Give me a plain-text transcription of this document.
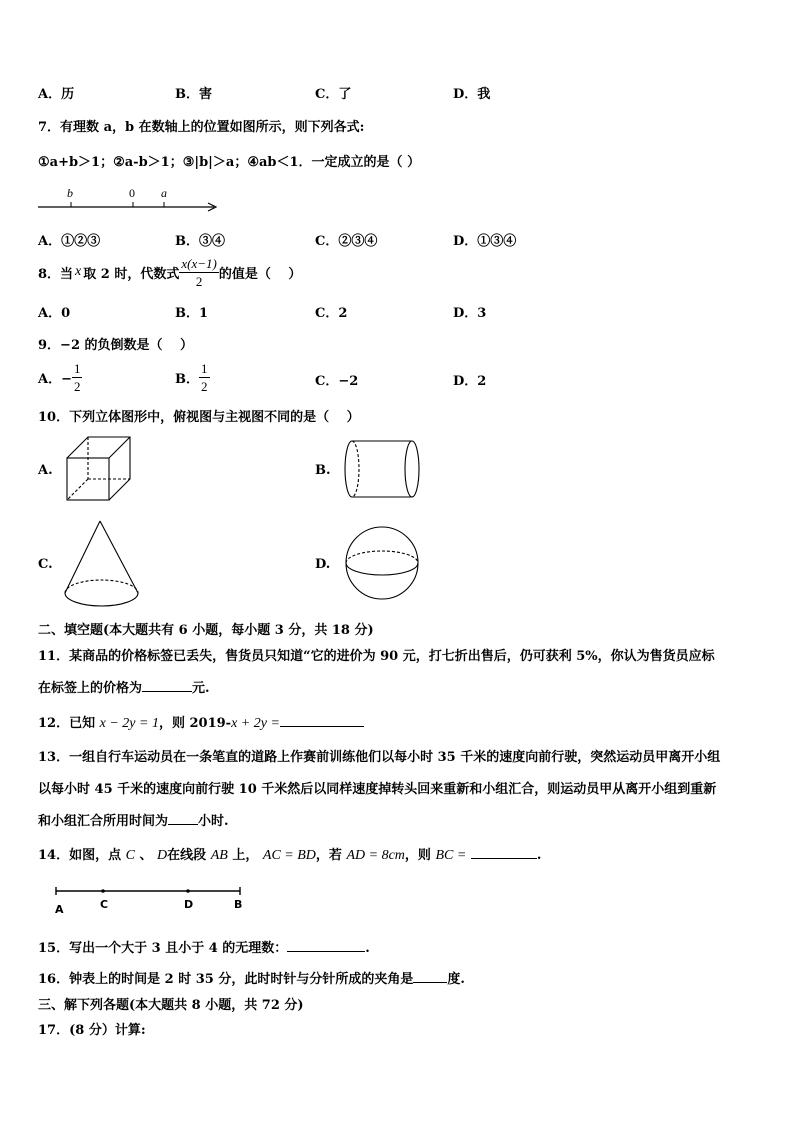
A．历	B．害	C．了	D．我
7．有理数 a，b 在数轴上的位置如图所示，则下列各式:
①a+b＞1；②a-b＞1；③|b|＞a；④ab＜1．一定成立的是（ ）
b	0 a
A．①②③	B．③④	C．②③④	D．①③④
8．当 x 取 2 时，代数式 $\frac{x(x-1)}{2}$ 的值是（　 ）
A．0	B．1	C．2	D．3
9．−2 的负倒数是（　 ）
A．− $\frac{1}{2}$	B． $\frac{1}{2}$	C．−2	D．2
10．下列立体图形中，俯视图与主视图不同的是（　 ）
A.	B.
C.	D.
二、填空题(本大题共有 6 小题，每小题 3 分，共 18 分)
11．某商品的价格标签已丢失，售货员只知道“它的进价为 90 元，打七折出售后，仍可获利 5%，你认为售货员应标
在标签上的价格为	元.
12．已知 x − 2y = 1，则 2019-x + 2y =
13．一组自行车运动员在一条笔直的道路上作赛前训练他们以每小时 35 千米的速度向前行驶，突然运动员甲离开小组
以每小时 45 千米的速度向前行驶 10 千米然后以同样速度掉转头回来重新和小组汇合，则运动员甲从离开小组到重新
和小组汇合所用时间为 小时.
14．如图，点 C 、 D在线段 AB 上， AC = BD，若 AD = 8cm，则 BC =	.
A	C	D	B
15．写出一个大于 3 且小于 4 的无理数：	.
16．钟表上的时间是 2 时 35 分，此时时针与分针所成的夹角是	度.
三、解下列各题(本大题共 8 小题，共 72 分)
17．(8 分）计算:
